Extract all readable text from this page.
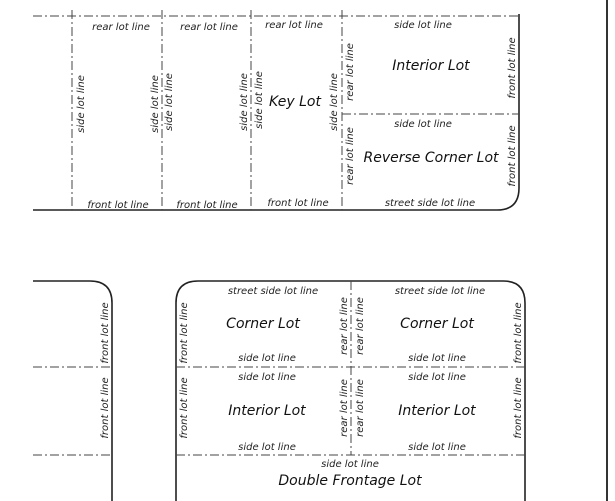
rear lot line	rear lot line	rear lot line	side lot line
side lot line	side lot line side lot line	side lot line side lot line	side lot line
rear lot line	front lot line
rear lot line	front lot line
side lot line
front lot line	front lot line	front lot line	street side lot line
Key Lot
Interior Lot
Reverse Corner Lot
front lot line
front lot line
street side lot line	street side lot line
Corner Lot	Corner Lot
side lot line	side lot line
side lot line	side lot line
Interior Lot	Interior Lot
side lot line	side lot line
side lot line
Double Frontage Lot
front lot line
front lot line
rear lot line rear lot line
rear lot line rear lot line
front lot line
front lot line
